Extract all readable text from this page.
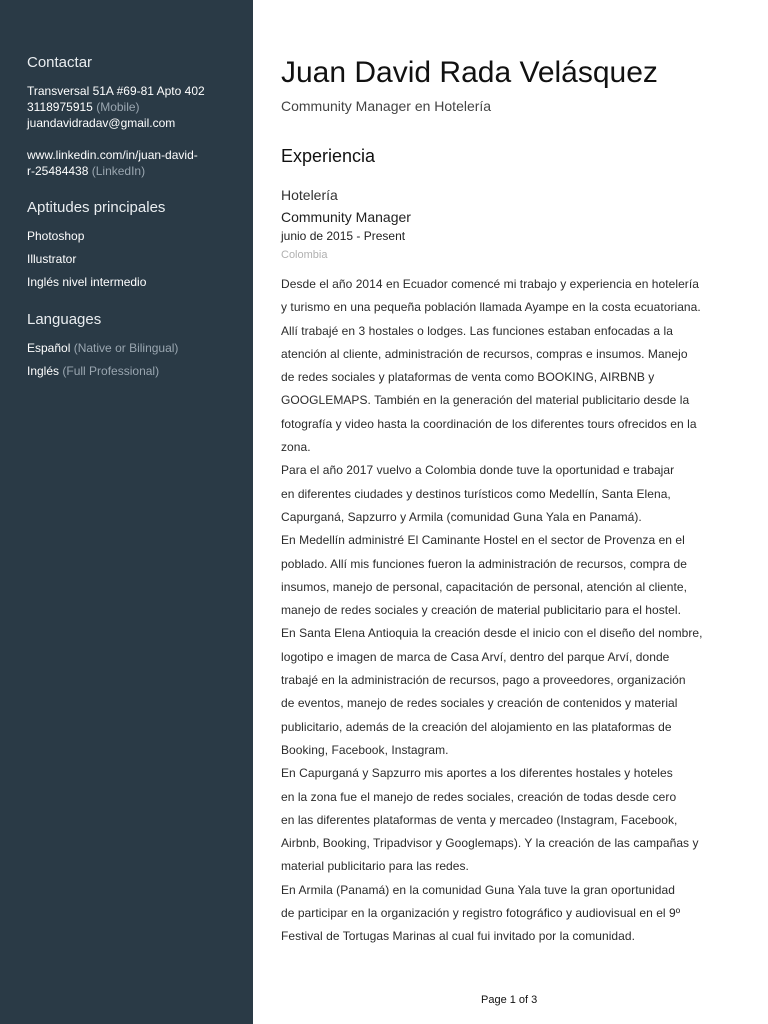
Contactar

Transversal 51A #69-81 Apto 402

3118975915 (Mobile)

juandavidradav@gmail.com

www.linkedin.com/in/juan-david-

r-25484438 (LinkedIn)

Aptitudes principales

Photoshop

Illustrator

Inglés nivel intermedio

Languages

Español (Native or Bilingual)

Inglés (Full Professional)

Juan David Rada Velásquez

Community Manager en Hotelería

Experiencia

Hotelería

Community Manager

junio de 2015 - Present

Colombia

Desde el año 2014 en Ecuador comencé mi trabajo y experiencia en hotelería

y turismo en una pequeña población llamada Ayampe en la costa ecuatoriana.

Allí trabajé en 3 hostales o lodges. Las funciones estaban enfocadas a la

atención al cliente, administración de recursos, compras e insumos. Manejo

de redes sociales y plataformas de venta como BOOKING, AIRBNB y

GOOGLEMAPS. También en la generación del material publicitario desde la

fotografía y video hasta la coordinación de los diferentes tours ofrecidos en la

zona.

Para el año 2017 vuelvo a Colombia donde tuve la oportunidad e trabajar

en diferentes ciudades y destinos turísticos como Medellín, Santa Elena,

Capurganá, Sapzurro y Armila (comunidad Guna Yala en Panamá).

En Medellín administré El Caminante Hostel en el sector de Provenza en el

poblado. Allí mis funciones fueron la administración de recursos, compra de

insumos, manejo de personal, capacitación de personal, atención al cliente,

manejo de redes sociales y creación de material publicitario para el hostel.

En Santa Elena Antioquia la creación desde el inicio con el diseño del nombre,

logotipo e imagen de marca de Casa Arví, dentro del parque Arví, donde

trabajé en la administración de recursos, pago a proveedores, organización

de eventos, manejo de redes sociales y creación de contenidos y material

publicitario, además de la creación del alojamiento en las plataformas de

Booking, Facebook, Instagram.

En Capurganá y Sapzurro mis aportes a los diferentes hostales y hoteles

en la zona fue el manejo de redes sociales, creación de todas desde cero

en las diferentes plataformas de venta y mercadeo (Instagram, Facebook,

Airbnb, Booking, Tripadvisor y Googlemaps). Y la creación de las campañas y

material publicitario para las redes.

En Armila (Panamá) en la comunidad Guna Yala tuve la gran oportunidad

de participar en la organización y registro fotográfico y audiovisual en el 9º

Festival de Tortugas Marinas al cual fui invitado por la comunidad.

Page 1 of 3
